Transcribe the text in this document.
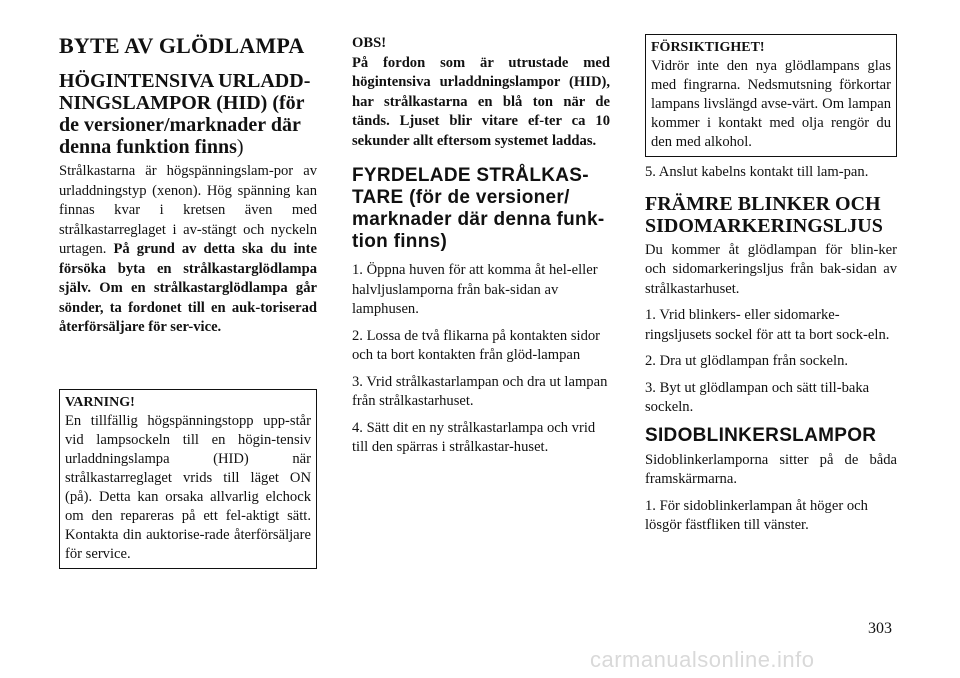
BYTE AV GLÖDLAMPA
HÖGINTENSIVA URLADD-
NINGSLAMPOR (HID) (för
de versioner/marknader där
denna funktion finns)

Strålkastarna är högspänningslam-por av urladdningstyp (xenon). Hög spänning kan finnas kvar i kretsen även med strålkastarreglaget i av-stängt och nyckeln urtagen. På grund av detta ska du inte försöka byta en strålkastarglödlampa själv. Om en strålkastarglödlampa går sönder, ta fordonet till en auk-toriserad återförsäljare för ser-vice.

VARNING!

En tillfällig högspänningstopp upp-står vid lampsockeln till en högin-tensiv urladdningslampa (HID) när strålkastarreglaget vrids till läget ON (på). Detta kan orsaka allvarlig elchock om den repareras på ett fel-aktigt sätt. Kontakta din auktorise-rade återförsäljare för service.

OBS!

På fordon som är utrustade med högintensiva urladdningslampor (HID), har strålkastarna en blå ton när de tänds. Ljuset blir vitare ef-ter ca 10 sekunder allt eftersom systemet laddas.

FYRDELADE STRÅLKAS-
TARE (för de versioner/
marknader där denna funk-
tion finns)

1. Öppna huven för att komma åt hel-eller halvljuslamporna från bak-sidan av lamphusen.

2. Lossa de två flikarna på kontakten sidor och ta bort kontakten från glöd-lampan

3. Vrid strålkastarlampan och dra ut lampan från strålkastarhuset.

4. Sätt dit en ny strålkastarlampa och vrid till den spärras i strålkastar-huset.

FÖRSIKTIGHET!

Vidrör inte den nya glödlampans glas med fingrarna. Nedsmutsning förkortar lampans livslängd avse-värt. Om lampan kommer i kontakt med olja rengör du den med alkohol.

5. Anslut kabelns kontakt till lam-pan.

FRÄMRE BLINKER OCH
SIDOMARKERINGSLJUS

Du kommer åt glödlampan för blin-ker och sidomarkeringsljus från bak-sidan av strålkastarhuset.

1. Vrid blinkers- eller sidomarke-ringsljusets sockel för att ta bort sock-eln.

2. Dra ut glödlampan från sockeln.

3. Byt ut glödlampan och sätt till-baka sockeln.

SIDOBLINKERSLAMPOR

Sidoblinkerlamporna sitter på de båda framskärmarna.

1. För sidoblinkerlampan åt höger och lösgör fästfliken till vänster.

303
carmanualsonline.info
